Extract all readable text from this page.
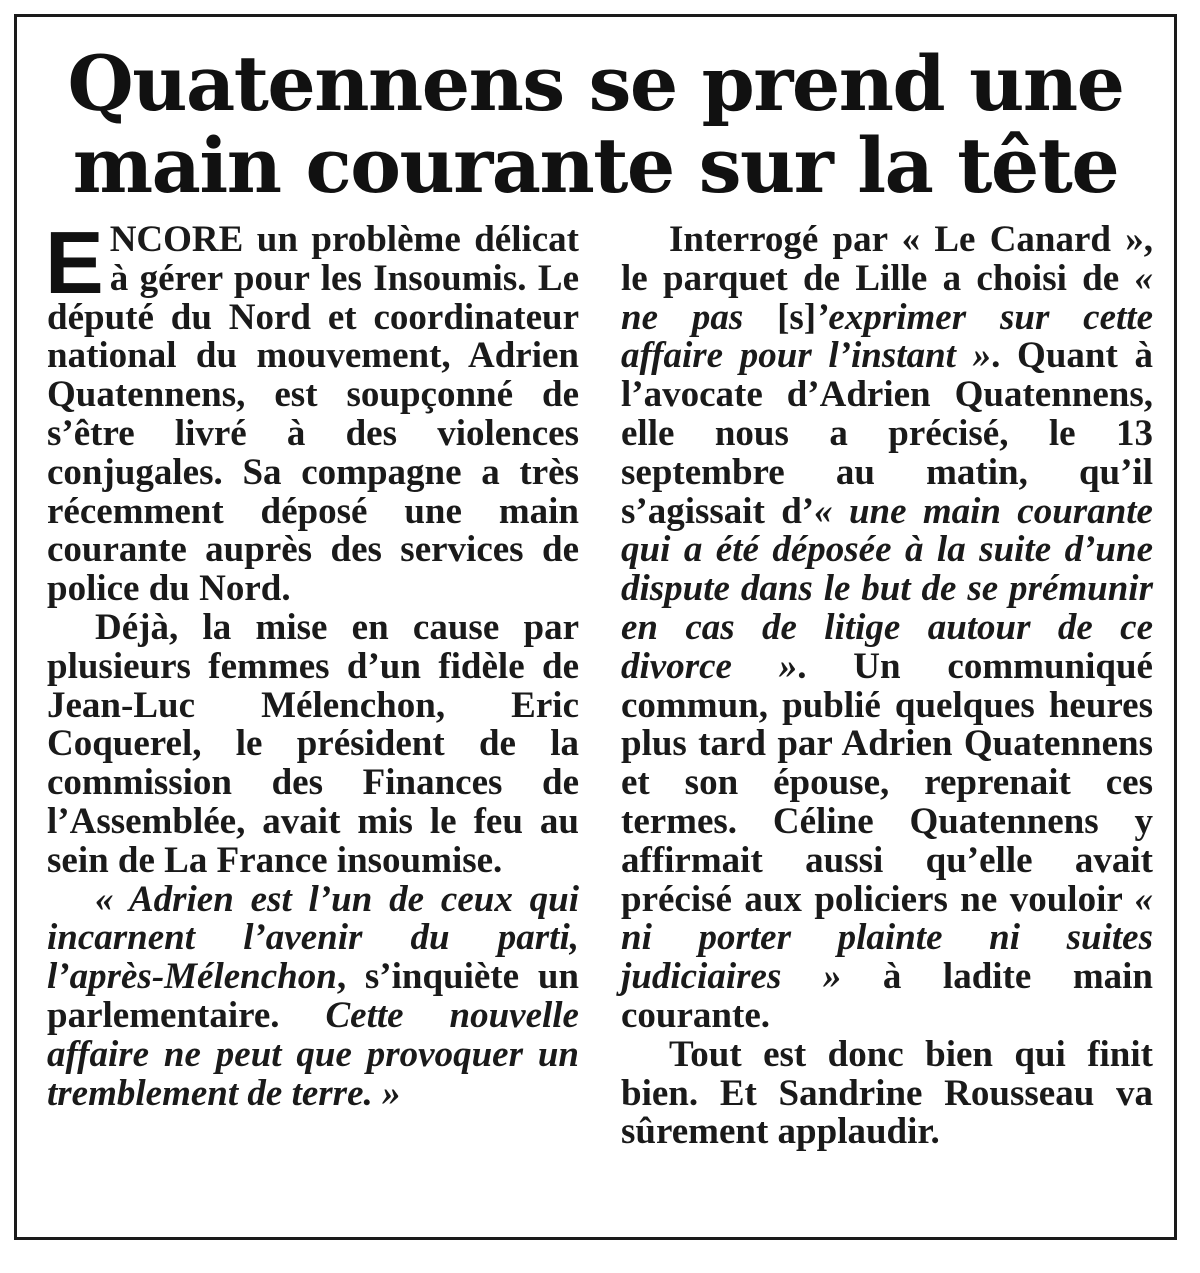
Quatennens se prend une
main courante sur la tête

ENCORE un problème délicat à gérer pour les Insoumis. Le député du Nord et coordinateur national du mouvement, Adrien Quatennens, est soupçonné de s’être livré à des violences conjugales. Sa compagne a très récemment déposé une main courante auprès des services de police du Nord.

Déjà, la mise en cause par plusieurs femmes d’un fidèle de Jean-Luc Mélenchon, Eric Coquerel, le président de la commission des Finances de l’Assemblée, avait mis le feu au sein de La France insoumise.

« Adrien est l’un de ceux qui incarnent l’avenir du parti, l’après-Mélenchon, s’inquiète un parlementaire. Cette nouvelle affaire ne peut que provoquer un tremblement de terre. »

Interrogé par « Le Canard », le parquet de Lille a choisi de « ne pas [s]’exprimer sur cette affaire pour l’instant ». Quant à l’avocate d’Adrien Quatennens, elle nous a précisé, le 13 septembre au matin, qu’il s’agissait d’« une main courante qui a été déposée à la suite d’une dispute dans le but de se prémunir en cas de litige autour de ce divorce ». Un communiqué commun, publié quelques heures plus tard par Adrien Quatennens et son épouse, reprenait ces termes. Céline Quatennens y affirmait aussi qu’elle avait précisé aux policiers ne vouloir « ni porter plainte ni suites judiciaires » à ladite main courante.

Tout est donc bien qui finit bien. Et Sandrine Rousseau va sûrement applaudir.
